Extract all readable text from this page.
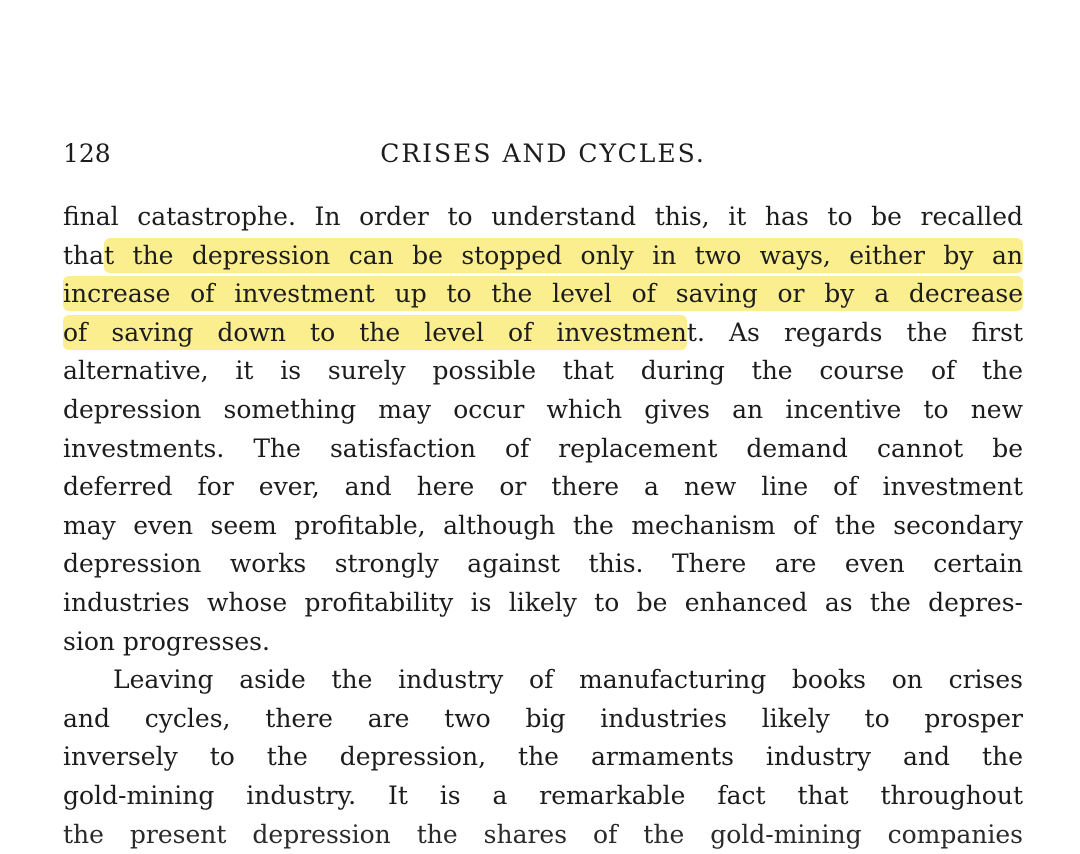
128	CRISES AND CYCLES.
final catastrophe. In order to understand this, it has to be recalled
that the depression can be stopped only in two ways, either by an
increase of investment up to the level of saving or by a decrease
of saving down to the level of investment. As regards the first
alternative, it is surely possible that during the course of the
depression something may occur which gives an incentive to new
investments. The satisfaction of replacement demand cannot be
deferred for ever, and here or there a new line of investment
may even seem profitable, although the mechanism of the secondary
depression works strongly against this. There are even certain
industries whose profitability is likely to be enhanced as the depres-
sion progresses.
Leaving aside the industry of manufacturing books on crises
and cycles, there are two big industries likely to prosper
inversely to the depression, the armaments industry and the
gold-mining industry. It is a remarkable fact that throughout
the present depression the shares of the gold-mining companies
